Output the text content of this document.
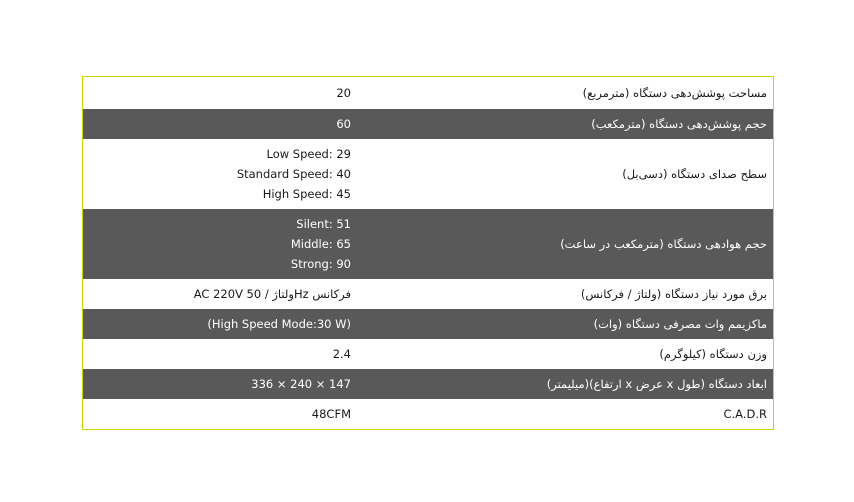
مساحت پوشش‌دهی دستگاه (مترمربع)	20

حجم پوشش‌دهی دستگاه (مترمکعب)	60

سطح صدای دستگاه (دسی‌بل)	Low Speed: 29
Standard Speed: 40
High Speed: 45

حجم هوادهی دستگاه (مترمکعب در ساعت)	Silent: 51
Middle: 65
Strong: 90

برق مورد نیاز دستگاه (ولتاژ / فرکانس)	AC 220V ولتاژ / 50Hz فرکانس

ماکزیمم وات مصرفی دستگاه (وات)	(High Speed Mode:30 W)

وزن دستگاه (کیلوگرم)	2.4

ابعاد دستگاه (طول x عرض x ارتفاع)(میلیمتر)	336 × 240 × 147

C.A.D.R	48CFM
